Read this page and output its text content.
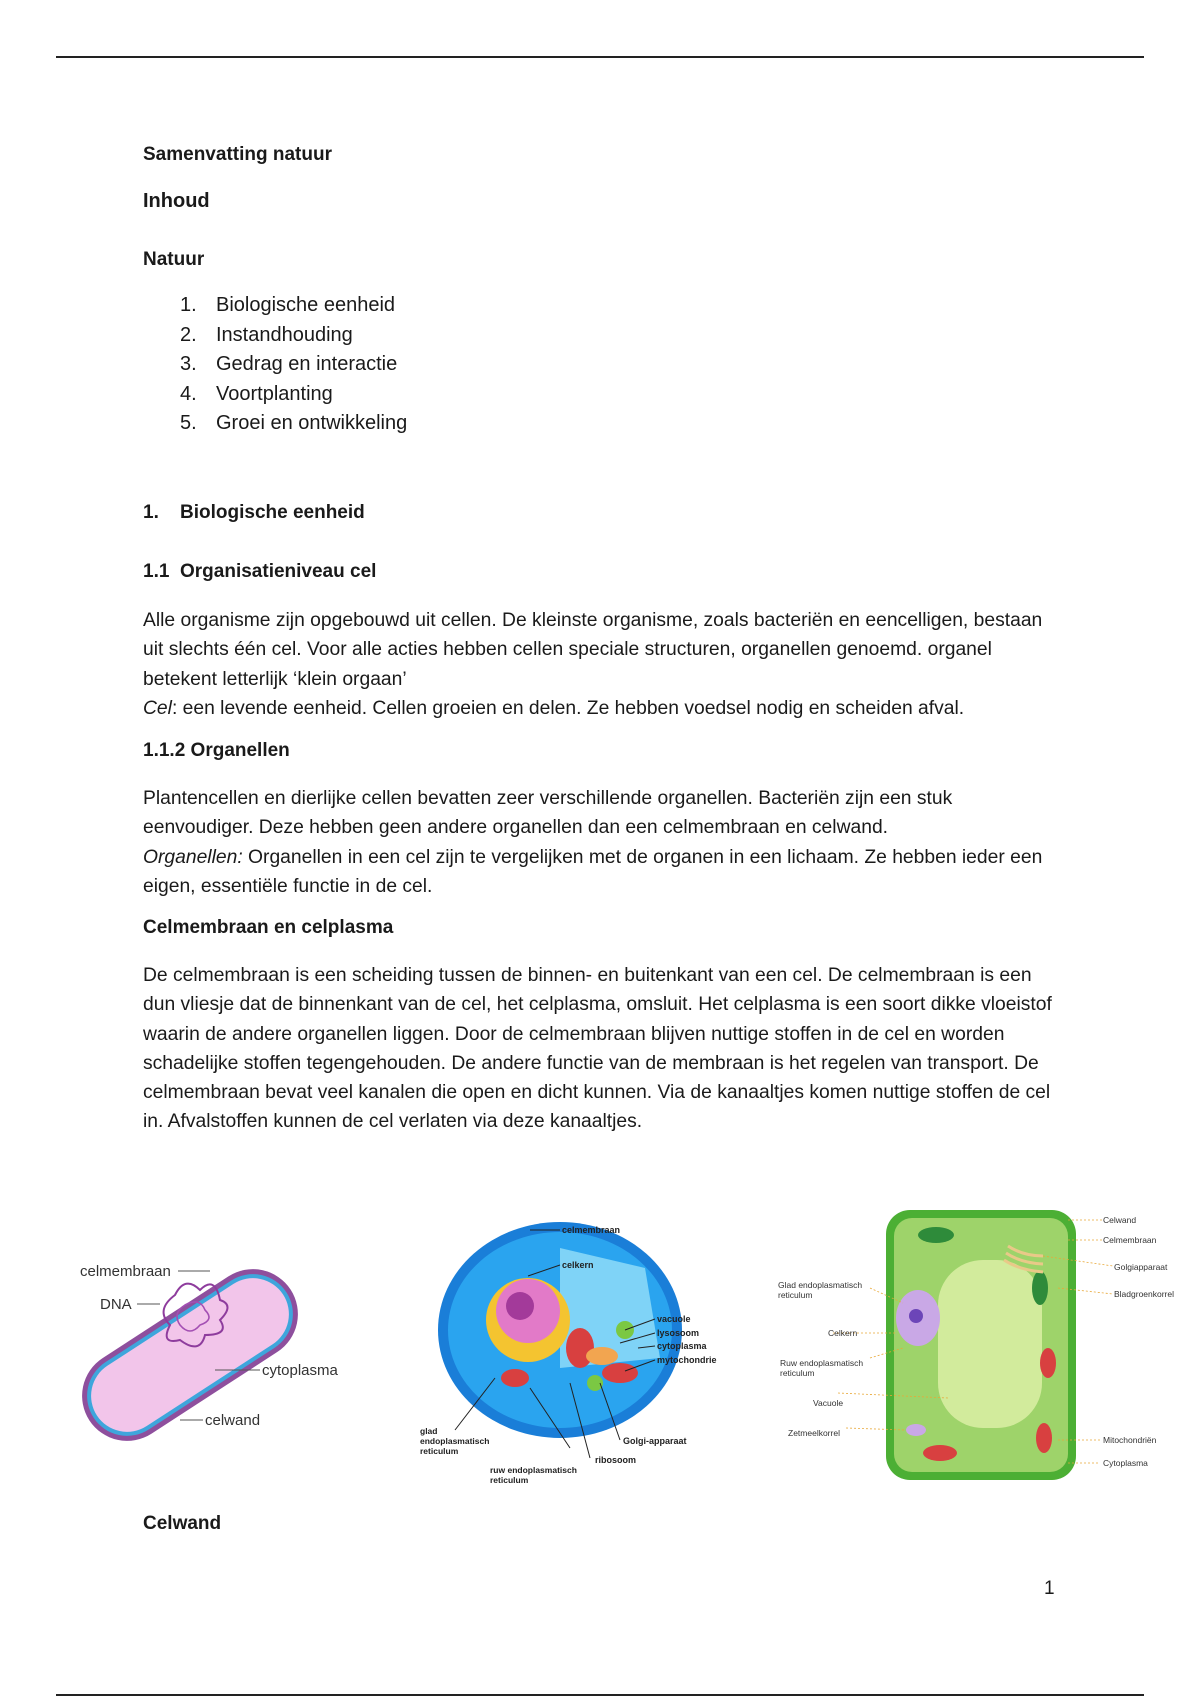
Samenvatting natuur

Inhoud

Natuur

1. Biologische eenheid
2. Instandhouding
3. Gedrag en interactie
4. Voortplanting
5. Groei en ontwikkeling

1. Biologische eenheid

1.1 Organisatieniveau cel

Alle organisme zijn opgebouwd uit cellen. De kleinste organisme, zoals bacteriën en eencelligen, bestaan uit slechts één cel. Voor alle acties hebben cellen speciale structuren, organellen genoemd. organel betekent letterlijk ‘klein orgaan’
Cel: een levende eenheid. Cellen groeien en delen. Ze hebben voedsel nodig en scheiden afval.

1.1.2 Organellen

Plantencellen en dierlijke cellen bevatten zeer verschillende organellen. Bacteriën zijn een stuk eenvoudiger. Deze hebben geen andere organellen dan een celmembraan en celwand.
Organellen: Organellen in een cel zijn te vergelijken met de organen in een lichaam. Ze hebben ieder een eigen, essentiële functie in de cel.

Celmembraan en celplasma

De celmembraan is een scheiding tussen de binnen- en buitenkant van een cel. De celmembraan is een dun vliesje dat de binnenkant van de cel, het celplasma, omsluit. Het celplasma is een soort dikke vloeistof waarin de andere organellen liggen. Door de celmembraan blijven nuttige stoffen in de cel en worden schadelijke stoffen tegengehouden. De andere functie van de membraan is het regelen van transport. De celmembraan bevat veel kanalen die open en dicht kunnen. Via de kanaaltjes komen nuttige stoffen de cel in. Afvalstoffen kunnen de cel verlaten via deze kanaaltjes.

Celwand

celmembraan
DNA
cytoplasma
celwand
celmembraan
celkern
vacuole
lysosoom
cytoplasma
mytochondrie
glad endoplasmatisch reticulum
Golgi-apparaat
ribosoom
ruw endoplasmatisch reticulum
Celwand
Celmembraan
Golgiapparaat
Bladgroenkorrel
Glad endoplasmatisch reticulum
Celkern
Ruw endoplasmatisch reticulum
Vacuole
Zetmeelkorrel
Mitochondriën
Cytoplasma
1
